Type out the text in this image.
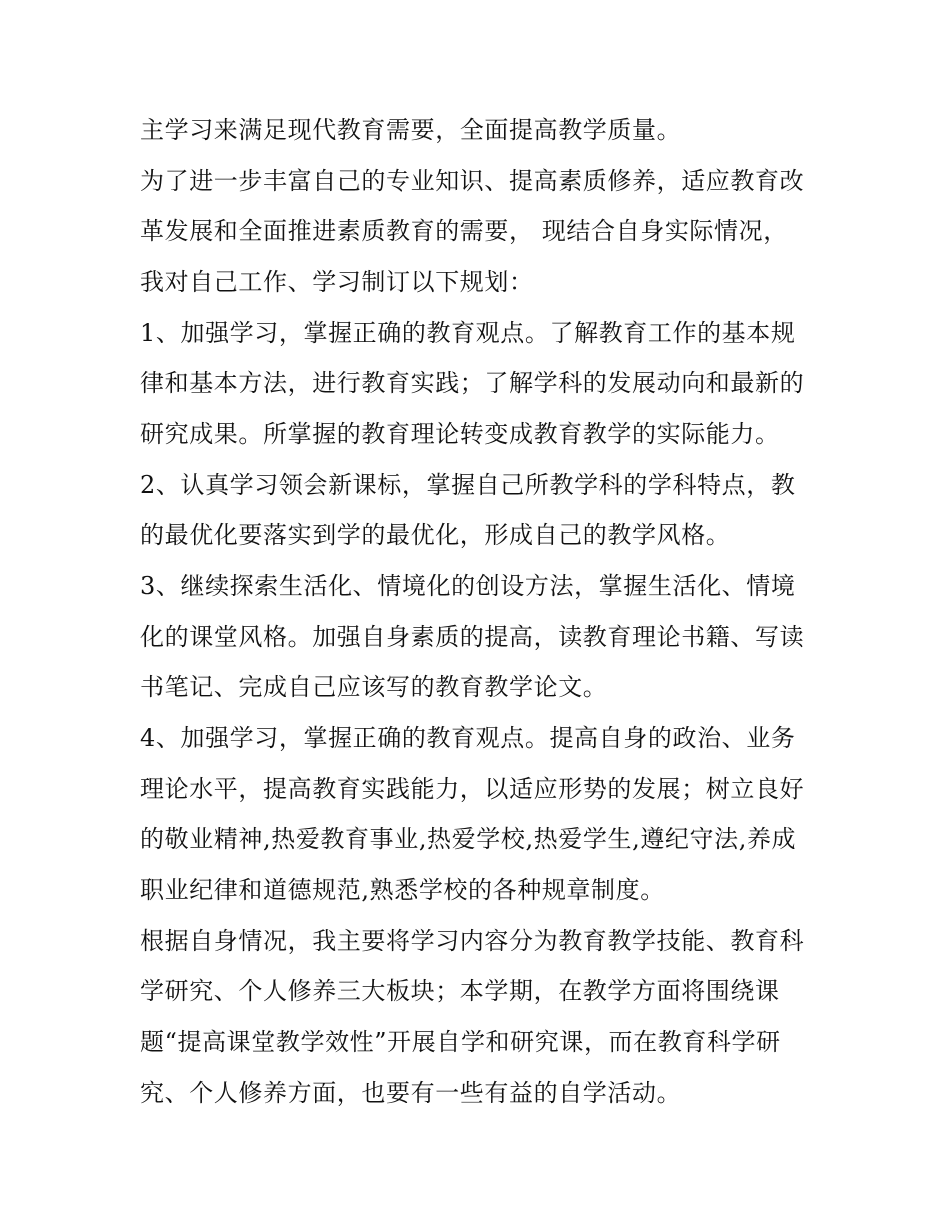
主学习来满足现代教育需要，全面提高教学质量。
为了进一步丰富自己的专业知识、提高素质修养，适应教育改
革发展和全面推进素质教育的需要， 现结合自身实际情况，
我对自己工作、学习制订以下规划：
1、加强学习，掌握正确的教育观点。了解教育工作的基本规
律和基本方法，进行教育实践；了解学科的发展动向和最新的
研究成果。所掌握的教育理论转变成教育教学的实际能力。
2、认真学习领会新课标，掌握自己所教学科的学科特点，教
的最优化要落实到学的最优化，形成自己的教学风格。
3、继续探索生活化、情境化的创设方法，掌握生活化、情境
化的课堂风格。加强自身素质的提高，读教育理论书籍、写读
书笔记、完成自己应该写的教育教学论文。
4、加强学习，掌握正确的教育观点。提高自身的政治、业务
理论水平，提高教育实践能力，以适应形势的发展；树立良好
的敬业精神,热爱教育事业,热爱学校,热爱学生,遵纪守法,养成
职业纪律和道德规范,熟悉学校的各种规章制度。
根据自身情况，我主要将学习内容分为教育教学技能、教育科
学研究、个人修养三大板块；本学期，在教学方面将围绕课
题“提高课堂教学效性”开展自学和研究课，而在教育科学研
究、个人修养方面，也要有一些有益的自学活动。
